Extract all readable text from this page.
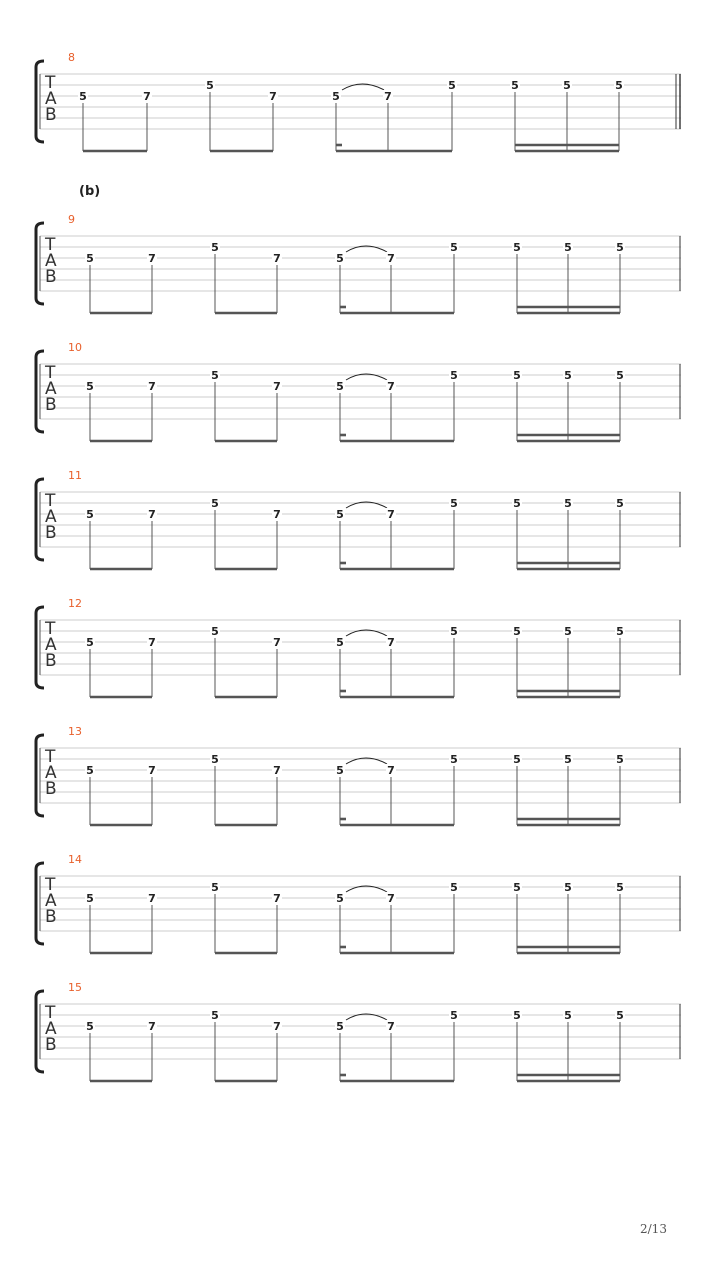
(b)
T
A
B
8
5	7
5
7	5	7
5	5	5	5
T
A
B
9
5	7
5
7	5	7
5	5	5	5
T
A
B
10
5	7
5
7	5	7
5	5	5	5
T
A
B
11
5	7
5
7	5	7
5	5	5	5
T
A
B
12
5	7
5
7	5	7
5	5	5	5
T
A
B
13
5	7
5
7	5	7
5	5	5	5
T
A
B
14
5	7
5
7	5	7
5	5	5	5
T
A
B
15
5	7
5
7	5	7
5	5	5	5
2/13
